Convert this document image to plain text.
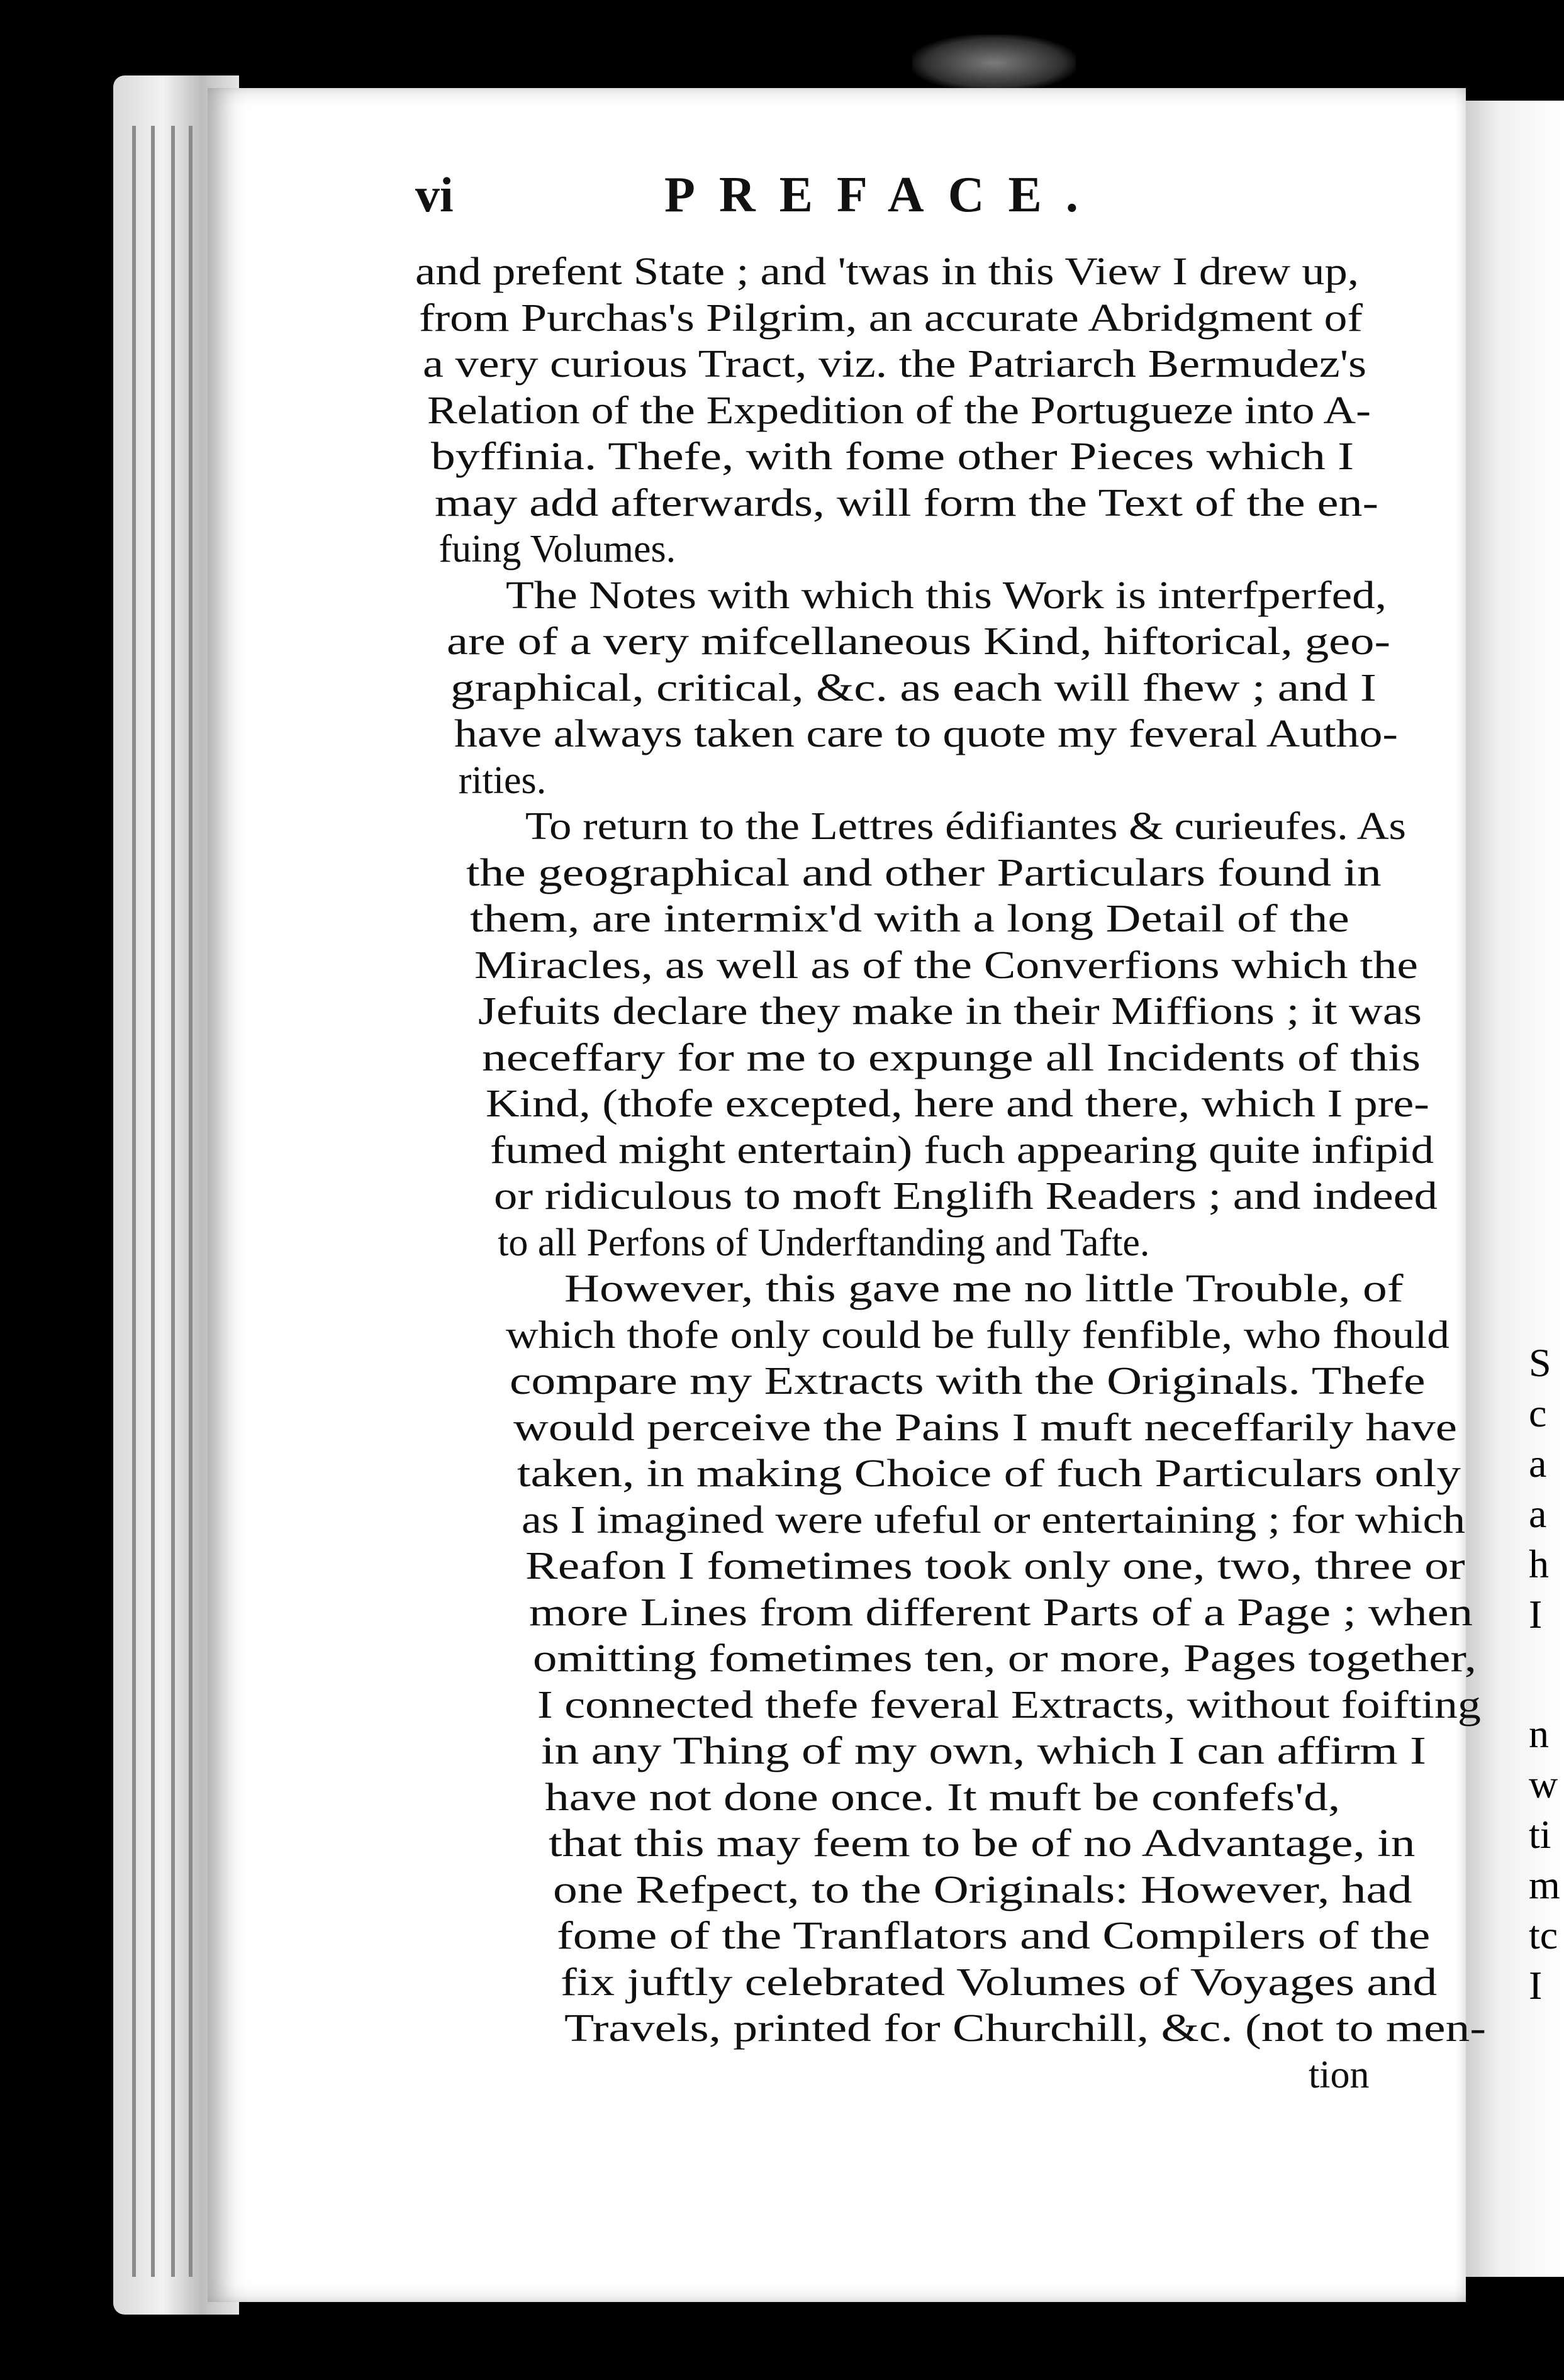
vi	PREFACE.
and prefent State ; and 'twas in this View I drew up,
from Purchas's Pilgrim, an accurate Abridgment of
a very curious Tract, viz. the Patriarch Bermudez's
Relation of the Expedition of the Portugueze into A-
byffinia. Thefe, with fome other Pieces which I
may add afterwards, will form the Text of the en-
fuing Volumes.
The Notes with which this Work is interfperfed,
are of a very mifcellaneous Kind, hiftorical, geo-
graphical, critical, &c. as each will fhew ; and I
have always taken care to quote my feveral Autho-
rities.
To return to the Lettres édifiantes & curieufes. As
the geographical and other Particulars found in
them, are intermix'd with a long Detail of the
Miracles, as well as of the Converfions which the
Jefuits declare they make in their Miffions ; it was
neceffary for me to expunge all Incidents of this
Kind, (thofe excepted, here and there, which I pre-
fumed might entertain) fuch appearing quite infipid
or ridiculous to moft Englifh Readers ; and indeed
to all Perfons of Underftanding and Tafte.
However, this gave me no little Trouble, of
which thofe only could be fully fenfible, who fhould
compare my Extracts with the Originals. Thefe
would perceive the Pains I muft neceffarily have
taken, in making Choice of fuch Particulars only
as I imagined were ufeful or entertaining ; for which
Reafon I fometimes took only one, two, three or
more Lines from different Parts of a Page ; when
omitting fometimes ten, or more, Pages together,
I connected thefe feveral Extracts, without foifting
in any Thing of my own, which I can affirm I
have not done once. It muft be confefs'd,
that this may feem to be of no Advantage, in
one Refpect, to the Originals: However, had
fome of the Tranflators and Compilers of the
fix juftly celebrated Volumes of Voyages and
Travels, printed for Churchill, &c. (not to men-
tion
S
c
a
a
h
I
n
w
ti
m
tc
I
